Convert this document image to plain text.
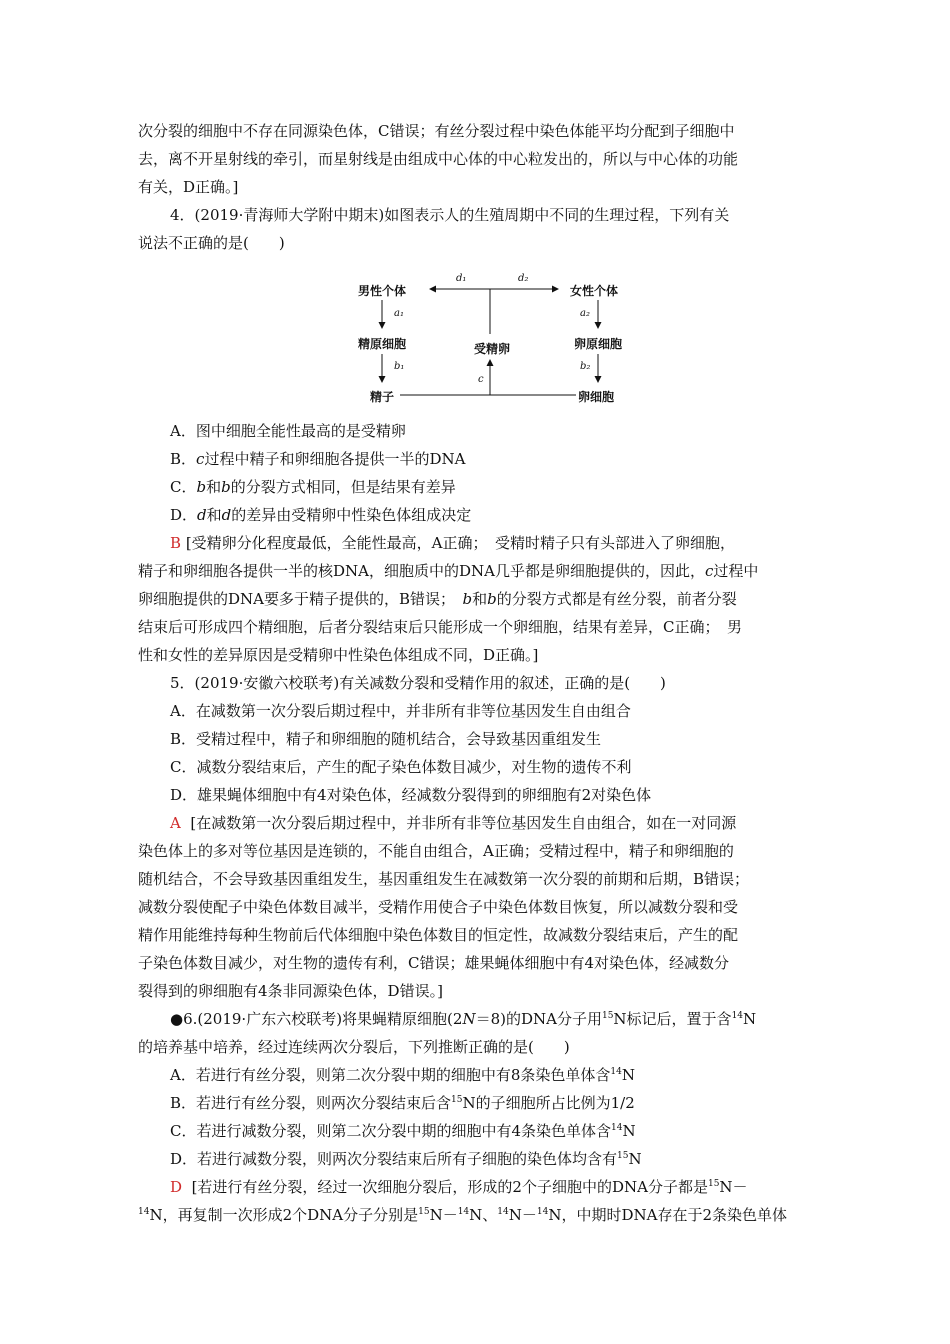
次分裂的细胞中不存在同源染色体，C错误；有丝分裂过程中染色体能平均分配到子细胞中
去，离不开星射线的牵引，而星射线是由组成中心体的中心粒发出的，所以与中心体的功能
有关，D正确。]
4．(2019·青海师大学附中期末)如图表示人的生殖周期中不同的生理过程，下列有关
说法不正确的是(　　)
男性个体	女性个体
精原细胞	卵原细胞
受精卵
精子	卵细胞
d₁	d₂
a₁	a₂
b₁	b₂
c
A．图中细胞全能性最高的是受精卵
B．c过程中精子和卵细胞各提供一半的DNA
C．b和b的分裂方式相同，但是结果有差异
D．d和d的差异由受精卵中性染色体组成决定
B [受精卵分化程度最低，全能性最高，A正确；　受精时精子只有头部进入了卵细胞，
精子和卵细胞各提供一半的核DNA，细胞质中的DNA几乎都是卵细胞提供的，因此，c过程中
卵细胞提供的DNA要多于精子提供的，B错误；　b和b的分裂方式都是有丝分裂，前者分裂
结束后可形成四个精细胞，后者分裂结束后只能形成一个卵细胞，结果有差异，C正确；　男
性和女性的差异原因是受精卵中性染色体组成不同，D正确。]
5．(2019·安徽六校联考)有关减数分裂和受精作用的叙述，正确的是(　　)
A．在减数第一次分裂后期过程中，并非所有非等位基因发生自由组合
B．受精过程中，精子和卵细胞的随机结合，会导致基因重组发生
C．减数分裂结束后，产生的配子染色体数目减少，对生物的遗传不利
D．雄果蝇体细胞中有4对染色体，经减数分裂得到的卵细胞有2对染色体
A [在减数第一次分裂后期过程中，并非所有非等位基因发生自由组合，如在一对同源
染色体上的多对等位基因是连锁的，不能自由组合，A正确；受精过程中，精子和卵细胞的
随机结合，不会导致基因重组发生，基因重组发生在减数第一次分裂的前期和后期，B错误；
减数分裂使配子中染色体数目减半，受精作用使合子中染色体数目恢复，所以减数分裂和受
精作用能维持每种生物前后代体细胞中染色体数目的恒定性，故减数分裂结束后，产生的配
子染色体数目减少，对生物的遗传有利，C错误；雄果蝇体细胞中有4对染色体，经减数分
裂得到的卵细胞有4条非同源染色体，D错误。]
●6.(2019·广东六校联考)将果蝇精原细胞(2N＝8)的DNA分子用$^{15}$N标记后，置于含$^{14}$N
的培养基中培养，经过连续两次分裂后，下列推断正确的是(　　)
A．若进行有丝分裂，则第二次分裂中期的细胞中有8条染色单体含$^{14}$N
B．若进行有丝分裂，则两次分裂结束后含$^{15}$N的子细胞所占比例为1/2
C．若进行减数分裂，则第二次分裂中期的细胞中有4条染色单体含$^{14}$N
D．若进行减数分裂，则两次分裂结束后所有子细胞的染色体均含有$^{15}$N
D [若进行有丝分裂，经过一次细胞分裂后，形成的2个子细胞中的DNA分子都是$^{15}$N－
$^{14}$N，再复制一次形成2个DNA分子分别是$^{15}$N－$^{14}$N、$^{14}$N－$^{14}$N，中期时DNA存在于2条染色单体
